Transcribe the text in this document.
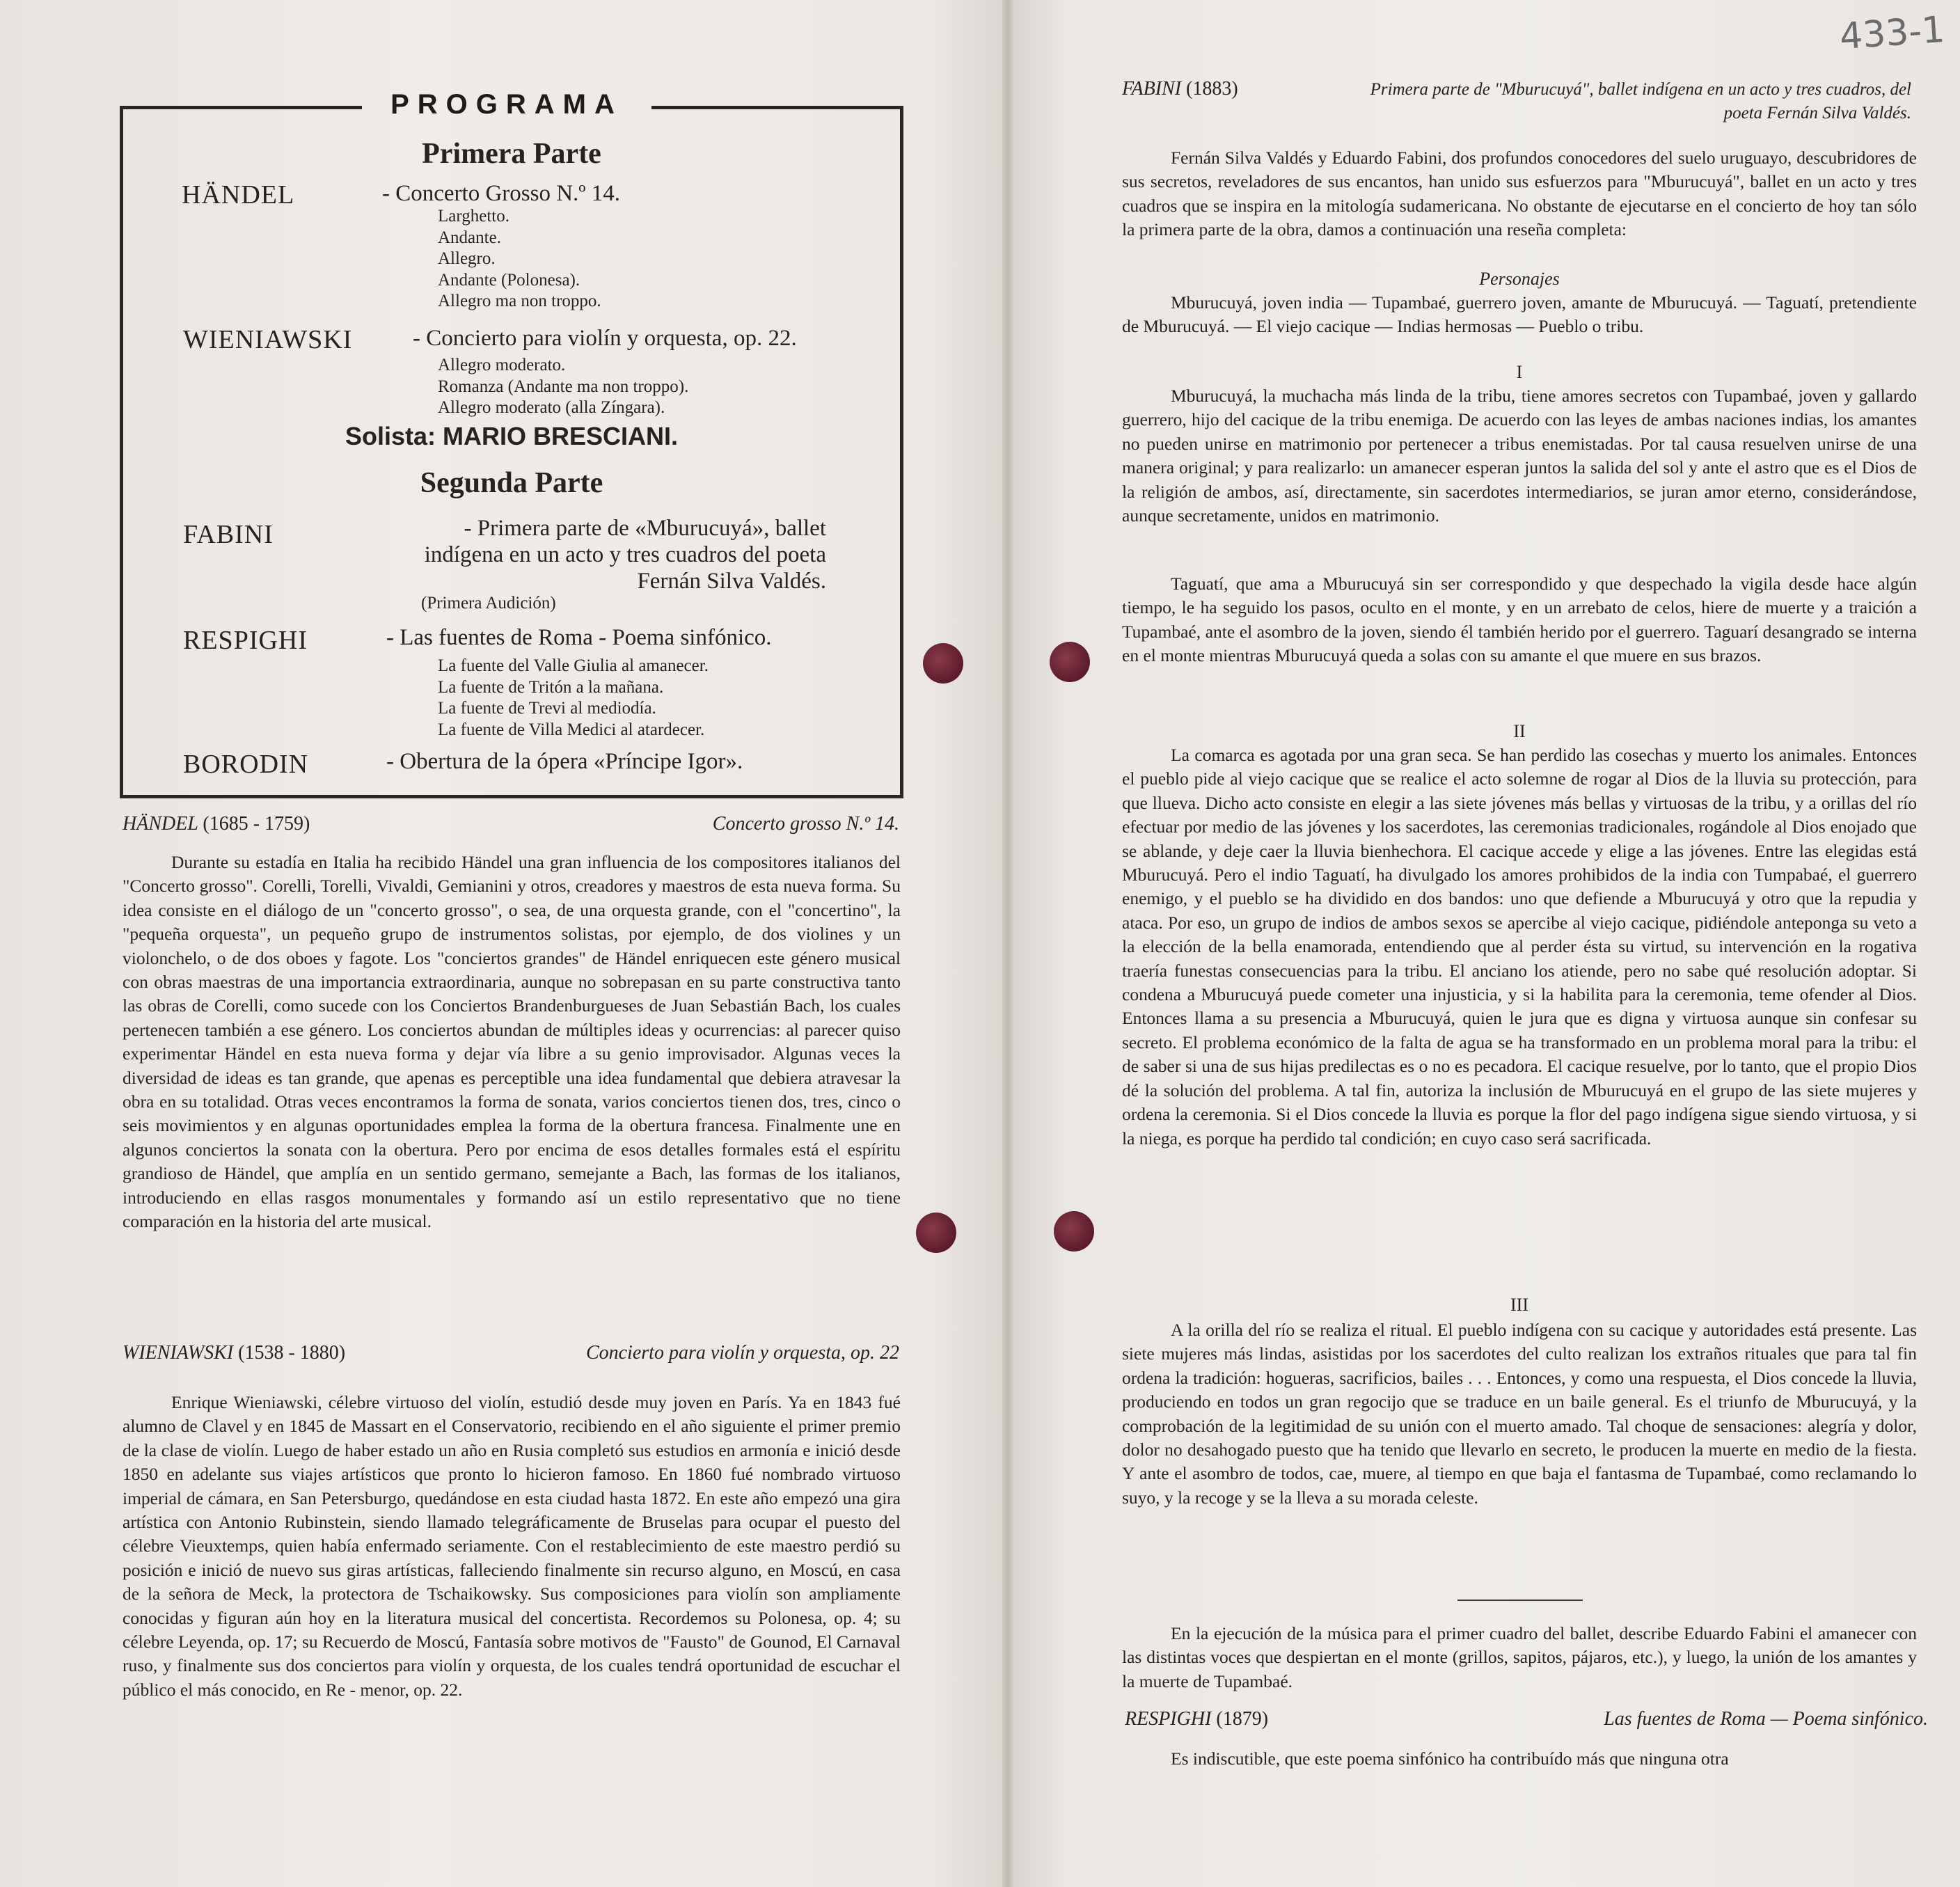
433-1
PROGRAMA
Primera Parte
HÄNDEL	- Concerto Grosso N.º 14.
Larghetto.
Andante.
Allegro.
Andante (Polonesa).
Allegro ma non troppo.
WIENIAWSKI	- Concierto para violín y orquesta, op. 22.
Allegro moderato.
Romanza (Andante ma non troppo).
Allegro moderato (alla Zíngara).
Solista: MARIO BRESCIANI.
Segunda Parte
FABINI	- Primera parte de «Mburucuyá», ballet indígena en un acto y tres cuadros del poeta Fernán Silva Valdés.
(Primera Audición)
RESPIGHI	- Las fuentes de Roma - Poema sinfónico.
La fuente del Valle Giulia al amanecer.
La fuente de Tritón a la mañana.
La fuente de Trevi al mediodía.
La fuente de Villa Medici al atardecer.
BORODIN	- Obertura de la ópera «Príncipe Igor».
HÄNDEL (1685 - 1759)	Concerto grosso N.º 14.

Durante su estadía en Italia ha recibido Händel una gran influencia de los compositores italianos del "Concerto grosso". Corelli, Torelli, Vivaldi, Gemianini y otros, creadores y maestros de esta nueva forma. Su idea consiste en el diálogo de un "concerto grosso", o sea, de una orquesta grande, con el "concertino", la "pequeña orquesta", un pequeño grupo de instrumentos solistas, por ejemplo, de dos violines y un violonchelo, o de dos oboes y fagote. Los "conciertos grandes" de Händel enriquecen este género musical con obras maestras de una importancia extraordinaria, aunque no sobrepasan en su parte constructiva tanto las obras de Corelli, como sucede con los Conciertos Brandenburgueses de Juan Sebastián Bach, los cuales pertenecen también a ese género. Los conciertos abundan de múltiples ideas y ocurrencias: al parecer quiso experimentar Händel en esta nueva forma y dejar vía libre a su genio improvisador. Algunas veces la diversidad de ideas es tan grande, que apenas es perceptible una idea fundamental que debiera atravesar la obra en su totalidad. Otras veces encontramos la forma de sonata, varios conciertos tienen dos, tres, cinco o seis movimientos y en algunas oportunidades emplea la forma de la obertura francesa. Finalmente une en algunos conciertos la sonata con la obertura. Pero por encima de esos detalles formales está el espíritu grandioso de Händel, que amplía en un sentido germano, semejante a Bach, las formas de los italianos, introduciendo en ellas rasgos monumentales y formando así un estilo representativo que no tiene comparación en la historia del arte musical.

WIENIAWSKI (1538 - 1880)	Concierto para violín y orquesta, op. 22

Enrique Wieniawski, célebre virtuoso del violín, estudió desde muy joven en París. Ya en 1843 fué alumno de Clavel y en 1845 de Massart en el Conservatorio, recibiendo en el año siguiente el primer premio de la clase de violín. Luego de haber estado un año en Rusia completó sus estudios en armonía e inició desde 1850 en adelante sus viajes artísticos que pronto lo hicieron famoso. En 1860 fué nombrado virtuoso imperial de cámara, en San Petersburgo, quedándose en esta ciudad hasta 1872. En este año empezó una gira artística con Antonio Rubinstein, siendo llamado telegráficamente de Bruselas para ocupar el puesto del célebre Vieuxtemps, quien había enfermado seriamente. Con el restablecimiento de este maestro perdió su posición e inició de nuevo sus giras artísticas, falleciendo finalmente sin recurso alguno, en Moscú, en casa de la señora de Meck, la protectora de Tschaikowsky. Sus composiciones para violín son ampliamente conocidas y figuran aún hoy en la literatura musical del concertista. Recordemos su Polonesa, op. 4; su célebre Leyenda, op. 17; su Recuerdo de Moscú, Fantasía sobre motivos de "Fausto" de Gounod, El Carnaval ruso, y finalmente sus dos conciertos para violín y orquesta, de los cuales tendrá oportunidad de escuchar el público el más conocido, en Re - menor, op. 22.

FABINI (1883)	Primera parte de "Mburucuyá", ballet indígena en un acto y tres cuadros, del poeta Fernán Silva Valdés.

Fernán Silva Valdés y Eduardo Fabini, dos profundos conocedores del suelo uruguayo, descubridores de sus secretos, reveladores de sus encantos, han unido sus esfuerzos para "Mburucuyá", ballet en un acto y tres cuadros que se inspira en la mitología sudamericana. No obstante de ejecutarse en el concierto de hoy tan sólo la primera parte de la obra, damos a continuación una reseña completa:

Personajes

Mburucuyá, joven india — Tupambaé, guerrero joven, amante de Mburucuyá. — Taguatí, pretendiente de Mburucuyá. — El viejo cacique — Indias hermosas — Pueblo o tribu.

I

Mburucuyá, la muchacha más linda de la tribu, tiene amores secretos con Tupambaé, joven y gallardo guerrero, hijo del cacique de la tribu enemiga. De acuerdo con las leyes de ambas naciones indias, los amantes no pueden unirse en matrimonio por pertenecer a tribus enemistadas. Por tal causa resuelven unirse de una manera original; y para realizarlo: un amanecer esperan juntos la salida del sol y ante el astro que es el Dios de la religión de ambos, así, directamente, sin sacerdotes intermediarios, se juran amor eterno, considerándose, aunque secretamente, unidos en matrimonio.

Taguatí, que ama a Mburucuyá sin ser correspondido y que despechado la vigila desde hace algún tiempo, le ha seguido los pasos, oculto en el monte, y en un arrebato de celos, hiere de muerte y a traición a Tupambaé, ante el asombro de la joven, siendo él también herido por el guerrero. Taguarí desangrado se interna en el monte mientras Mburucuyá queda a solas con su amante el que muere en sus brazos.

II

La comarca es agotada por una gran seca. Se han perdido las cosechas y muerto los animales. Entonces el pueblo pide al viejo cacique que se realice el acto solemne de rogar al Dios de la lluvia su protección, para que llueva. Dicho acto consiste en elegir a las siete jóvenes más bellas y virtuosas de la tribu, y a orillas del río efectuar por medio de las jóvenes y los sacerdotes, las ceremonias tradicionales, rogándole al Dios enojado que se ablande, y deje caer la lluvia bienhechora. El cacique accede y elige a las jóvenes. Entre las elegidas está Mburucuyá. Pero el indio Taguatí, ha divulgado los amores prohibidos de la india con Tumpabaé, el guerrero enemigo, y el pueblo se ha dividido en dos bandos: uno que defiende a Mburucuyá y otro que la repudia y ataca. Por eso, un grupo de indios de ambos sexos se apercibe al viejo cacique, pidiéndole anteponga su veto a la elección de la bella enamorada, entendiendo que al perder ésta su virtud, su intervención en la rogativa traería funestas consecuencias para la tribu. El anciano los atiende, pero no sabe qué resolución adoptar. Si condena a Mburucuyá puede cometer una injusticia, y si la habilita para la ceremonia, teme ofender al Dios. Entonces llama a su presencia a Mburucuyá, quien le jura que es digna y virtuosa aunque sin confesar su secreto. El problema económico de la falta de agua se ha transformado en un problema moral para la tribu: el de saber si una de sus hijas predilectas es o no es pecadora. El cacique resuelve, por lo tanto, que el propio Dios dé la solución del problema. A tal fin, autoriza la inclusión de Mburucuyá en el grupo de las siete mujeres y ordena la ceremonia. Si el Dios concede la lluvia es porque la flor del pago indígena sigue siendo virtuosa, y si la niega, es porque ha perdido tal condición; en cuyo caso será sacrificada.

III

A la orilla del río se realiza el ritual. El pueblo indígena con su cacique y autoridades está presente. Las siete mujeres más lindas, asistidas por los sacerdotes del culto realizan los extraños rituales que para tal fin ordena la tradición: hogueras, sacrificios, bailes . . . Entonces, y como una respuesta, el Dios concede la lluvia, produciendo en todos un gran regocijo que se traduce en un baile general. Es el triunfo de Mburucuyá, y la comprobación de la legitimidad de su unión con el muerto amado. Tal choque de sensaciones: alegría y dolor, dolor no desahogado puesto que ha tenido que llevarlo en secreto, le producen la muerte en medio de la fiesta. Y ante el asombro de todos, cae, muere, al tiempo en que baja el fantasma de Tupambaé, como reclamando lo suyo, y la recoge y se la lleva a su morada celeste.

En la ejecución de la música para el primer cuadro del ballet, describe Eduardo Fabini el amanecer con las distintas voces que despiertan en el monte (grillos, sapitos, pájaros, etc.), y luego, la unión de los amantes y la muerte de Tupambaé.

RESPIGHI (1879)	Las fuentes de Roma — Poema sinfónico.

Es indiscutible, que este poema sinfónico ha contribuído más que ninguna otra
